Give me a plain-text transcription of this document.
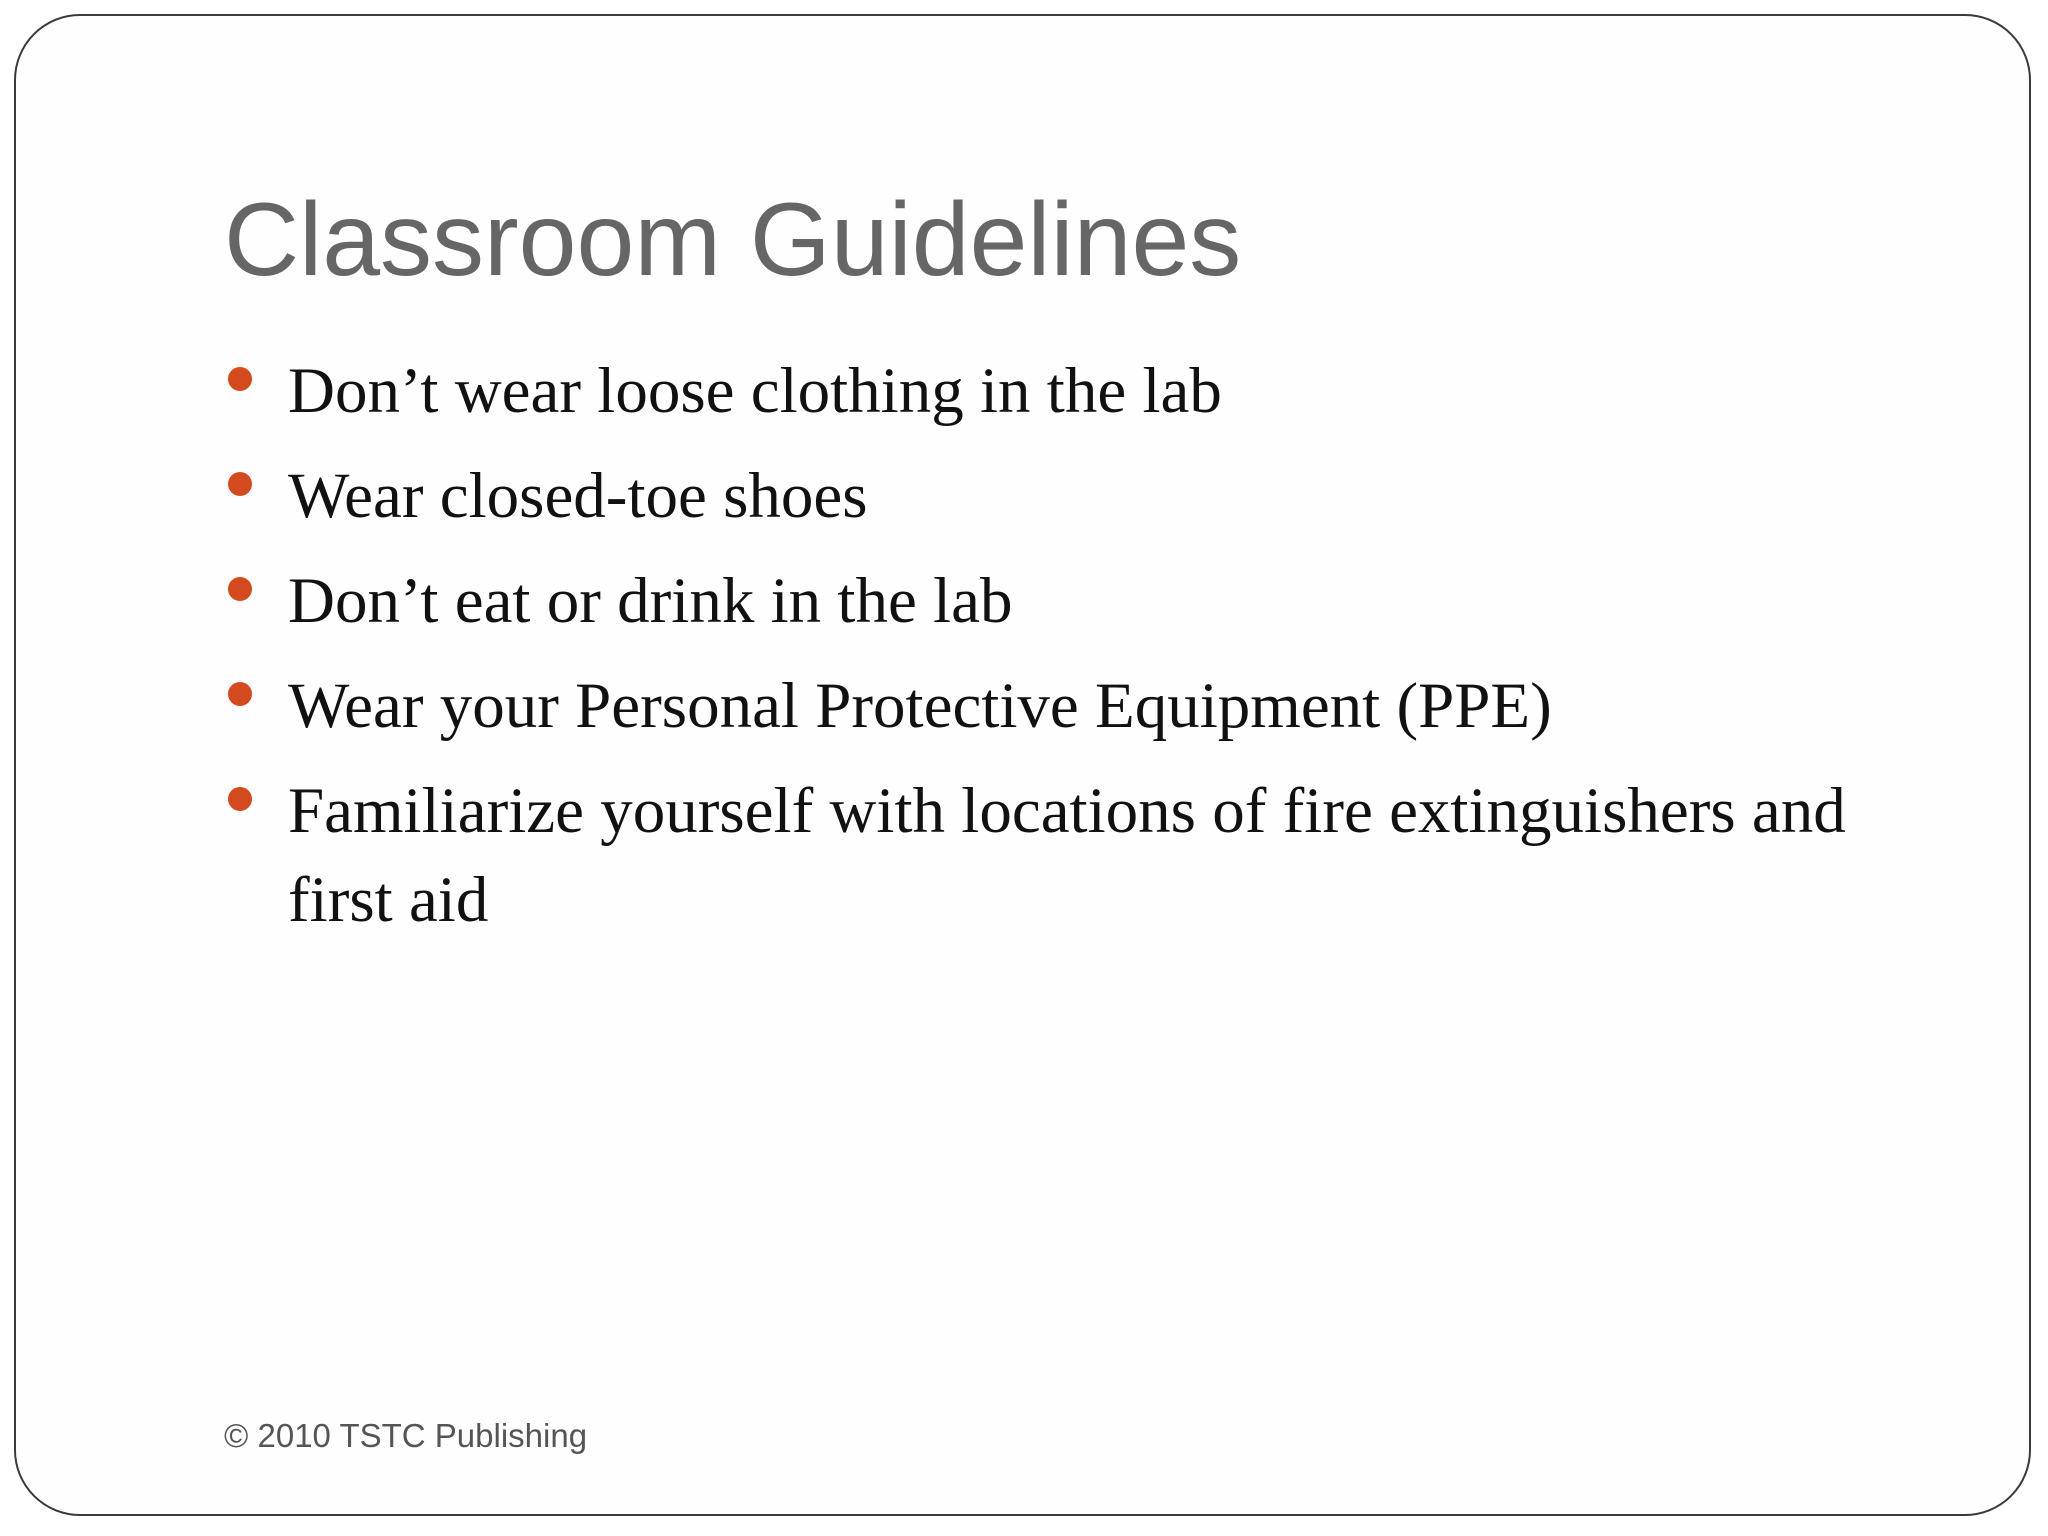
Classroom Guidelines
Don’t wear loose clothing in the lab
Wear closed-toe shoes
Don’t eat or drink in the lab
Wear your Personal Protective Equipment (PPE)
Familiarize yourself with locations of fire extinguishers and first aid
© 2010 TSTC Publishing
